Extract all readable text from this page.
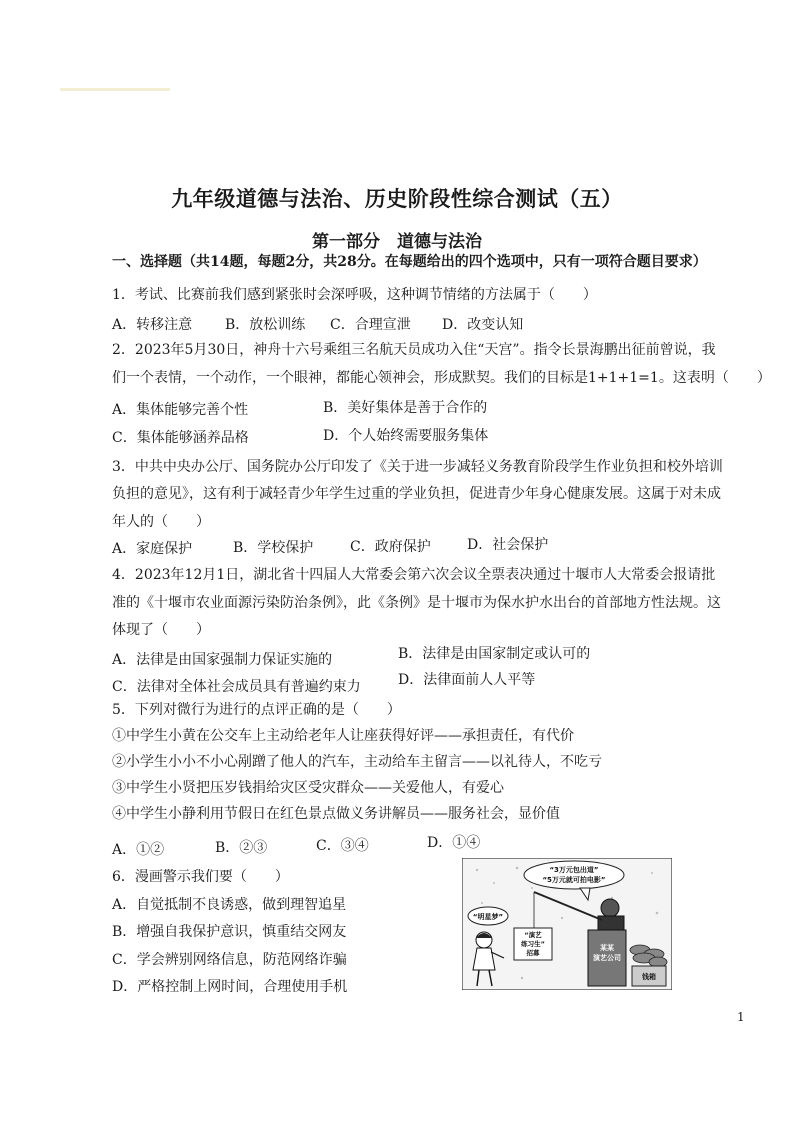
九年级道德与法治、历史阶段性综合测试（五）
第一部分　道德与法治
一、选择题（共14题，每题2分，共28分。在每题给出的四个选项中，只有一项符合题目要求）
1．考试、比赛前我们感到紧张时会深呼吸，这种调节情绪的方法属于（　　）
A．转移注意 B．放松训练 C．合理宣泄 D．改变认知
2．2023年5月30日，神舟十六号乘组三名航天员成功入住“天宫”。指令长景海鹏出征前曾说，我
们一个表情，一个动作，一个眼神，都能心领神会，形成默契。我们的目标是1+1+1=1。这表明（　　）
A．集体能够完善个性	B．美好集体是善于合作的
C．集体能够涵养品格	D．个人始终需要服务集体
3．中共中央办公厅、国务院办公厅印发了《关于进一步减轻义务教育阶段学生作业负担和校外培训
负担的意见》，这有利于减轻青少年学生过重的学业负担，促进青少年身心健康发展。这属于对未成
年人的（　　）
A．家庭保护	B．学校保护	C．政府保护	D．社会保护
4．2023年12月1日，湖北省十四届人大常委会第六次会议全票表决通过十堰市人大常委会报请批
准的《十堰市农业面源污染防治条例》，此《条例》是十堰市为保水护水出台的首部地方性法规。这
体现了（　　）
A．法律是由国家强制力保证实施的	B．法律是由国家制定或认可的
C．法律对全体社会成员具有普遍约束力	D．法律面前人人平等
5．下列对微行为进行的点评正确的是（　　）
①中学生小黄在公交车上主动给老年人让座获得好评——承担责任，有代价
②小学生小小不小心剐蹭了他人的汽车，主动给车主留言——以礼待人，不吃亏
③中学生小贤把压岁钱捐给灾区受灾群众——关爱他人，有爱心
④中学生小静利用节假日在红色景点做义务讲解员——服务社会，显价值
A．①②	B．②③	C．③④	D．①④
6．漫画警示我们要（　　）
A．自觉抵制不良诱惑，做到理智追星
B．增强自我保护意识，慎重结交网友
C．学会辨别网络信息，防范网络诈骗
D．严格控制上网时间，合理使用手机
“3万元包出道”
“5万元就可拍电影”
“演艺
练习生”
招募
某某
演艺公司
钱箱
“明星梦”
1
